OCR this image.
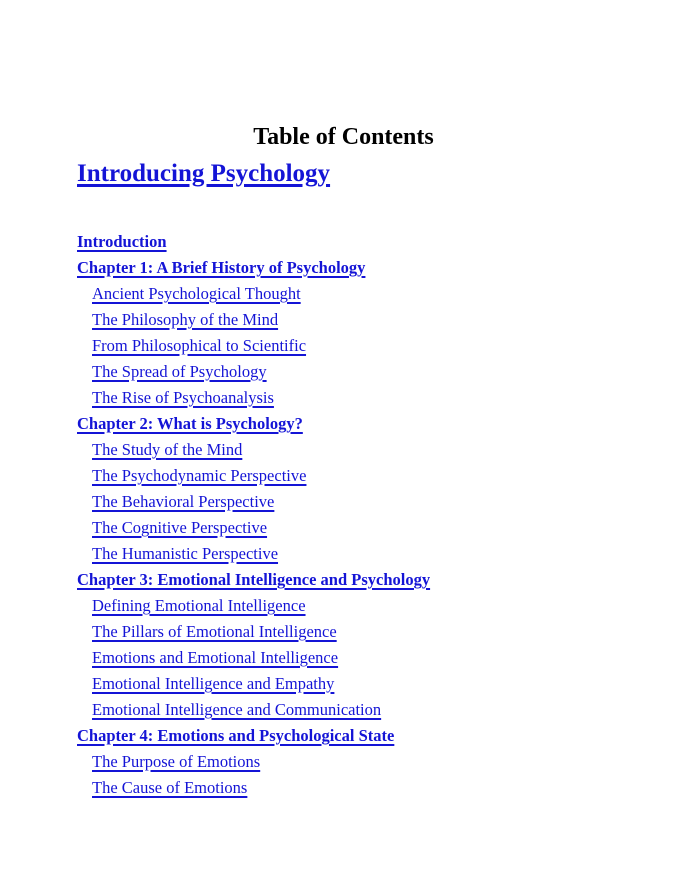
Table of Contents
Introducing Psychology
Introduction
Chapter 1: A Brief History of Psychology
Ancient Psychological Thought
The Philosophy of the Mind
From Philosophical to Scientific
The Spread of Psychology
The Rise of Psychoanalysis
Chapter 2: What is Psychology?
The Study of the Mind
The Psychodynamic Perspective
The Behavioral Perspective
The Cognitive Perspective
The Humanistic Perspective
Chapter 3: Emotional Intelligence and Psychology
Defining Emotional Intelligence
The Pillars of Emotional Intelligence
Emotions and Emotional Intelligence
Emotional Intelligence and Empathy
Emotional Intelligence and Communication
Chapter 4: Emotions and Psychological State
The Purpose of Emotions
The Cause of Emotions
